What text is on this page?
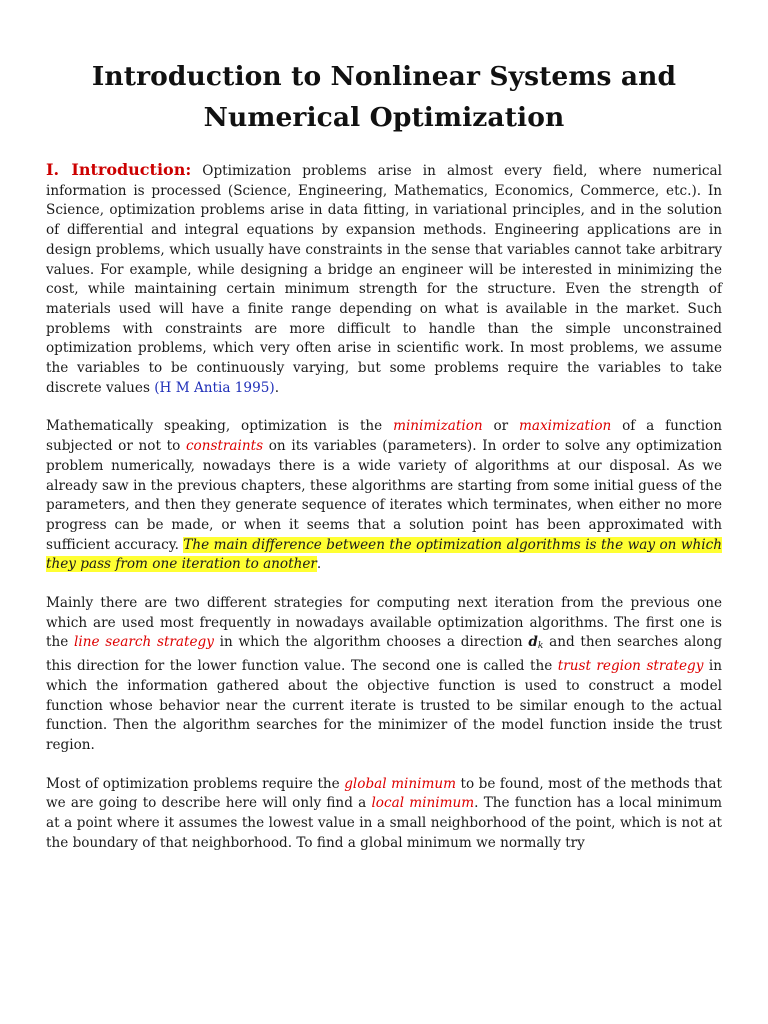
Introduction to Nonlinear Systems and Numerical Optimization

I. Introduction: Optimization problems arise in almost every field, where numerical information is processed (Science, Engineering, Mathematics, Economics, Commerce, etc.). In Science, optimization problems arise in data fitting, in variational principles, and in the solution of differential and integral equations by expansion methods. Engineering applications are in design problems, which usually have constraints in the sense that variables cannot take arbitrary values. For example, while designing a bridge an engineer will be interested in minimizing the cost, while maintaining certain minimum strength for the structure. Even the strength of materials used will have a finite range depending on what is available in the market. Such problems with constraints are more difficult to handle than the simple unconstrained optimization problems, which very often arise in scientific work. In most problems, we assume the variables to be continuously varying, but some problems require the variables to take discrete values (H M Antia 1995).

Mathematically speaking, optimization is the minimization or maximization of a function subjected or not to constraints on its variables (parameters). In order to solve any optimization problem numerically, nowadays there is a wide variety of algorithms at our disposal. As we already saw in the previous chapters, these algorithms are starting from some initial guess of the parameters, and then they generate sequence of iterates which terminates, when either no more progress can be made, or when it seems that a solution point has been approximated with sufficient accuracy. The main difference between the optimization algorithms is the way on which they pass from one iteration to another.

Mainly there are two different strategies for computing next iteration from the previous one which are used most frequently in nowadays available optimization algorithms. The first one is the line search strategy in which the algorithm chooses a direction $d_k$ and then searches along this direction for the lower function value. The second one is called the trust region strategy in which the information gathered about the objective function is used to construct a model function whose behavior near the current iterate is trusted to be similar enough to the actual function. Then the algorithm searches for the minimizer of the model function inside the trust region.

Most of optimization problems require the global minimum to be found, most of the methods that we are going to describe here will only find a local minimum. The function has a local minimum at a point where it assumes the lowest value in a small neighborhood of the point, which is not at the boundary of that neighborhood. To find a global minimum we normally try
